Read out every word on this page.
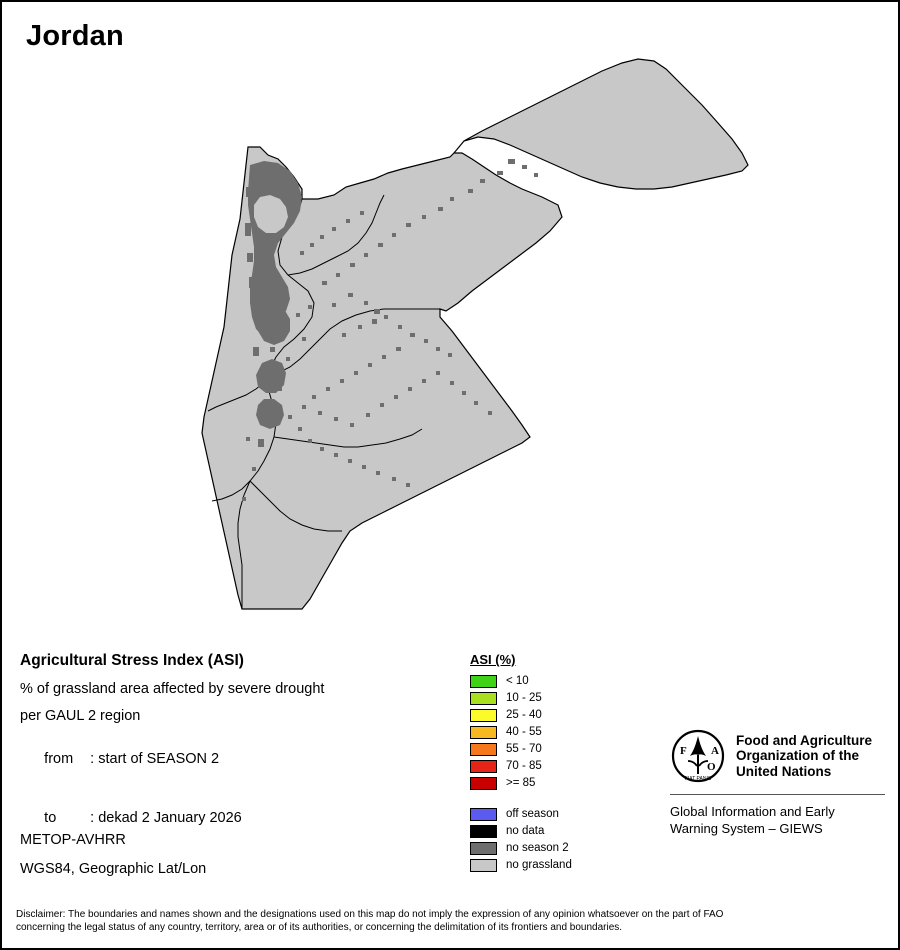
Jordan
Agricultural Stress Index (ASI)
% of grassland area affected by severe drought
per GAUL 2 region

from : start of SEASON 2

to : dekad 2 January 2026

METOP-AVHRR
WGS84, Geographic Lat/Lon
ASI (%)
< 10
10 - 25
25 - 40
40 - 55
55 - 70
70 - 85
>= 85
off season
no data
no season 2
no grassland
F A
O
FIAT PANIS
Food and Agriculture
Organization of the
United Nations
Global Information and Early
Warning System – GIEWS
Disclaimer: The boundaries and names shown and the designations used on this map do not imply the expression of any opinion whatsoever on the part of FAO
concerning the legal status of any country, territory, area or of its authorities, or concerning the delimitation of its frontiers and boundaries.
